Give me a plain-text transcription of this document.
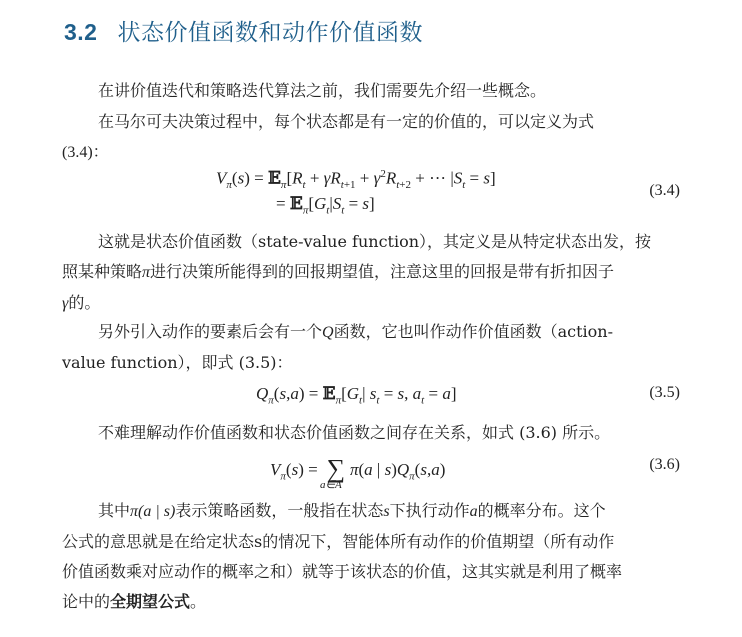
3.2 状态价值函数和动作价值函数

在讲价值迭代和策略迭代算法之前，我们需要先介绍一些概念。

在马尔可夫决策过程中，每个状态都是有一定的价值的，可以定义为式
(3.4)：

$V_\pi(s)$ = $𝔼_\pi[R_t + \gamma R_{t+1} + \gamma^2R_{t+2}$ + ··· $|S_t = s$]
= $𝔼_\pi[G_t|S_t = s]$
(3.4)

这就是状态价值函数（state-value function），其定义是从特定状态出发，按
照某种策略π进行决策所能得到的回报期望值，注意这里的回报是带有折扣因子
γ的。

另外引入动作的要素后会有一个Q函数，它也叫作动作价值函数（action-
value function），即式 (3.5)：

$Q_\pi(s,a)$ = $𝔼_\pi[G_t|$ $s_t = s$, $a_t = a$]	(3.5)

不难理解动作价值函数和状态价值函数之间存在关系，如式 (3.6) 所示。

$V_\pi(s)$ = ∑
a∈A
π(a | $s)Q_\pi(s,a)$	(3.6)

其中π(a | s)表示策略函数，一般指在状态s下执行动作a的概率分布。这个
公式的意思就是在给定状态s的情况下，智能体所有动作的价值期望（所有动作
价值函数乘对应动作的概率之和）就等于该状态的价值，这其实就是利用了概率
论中的全期望公式。
